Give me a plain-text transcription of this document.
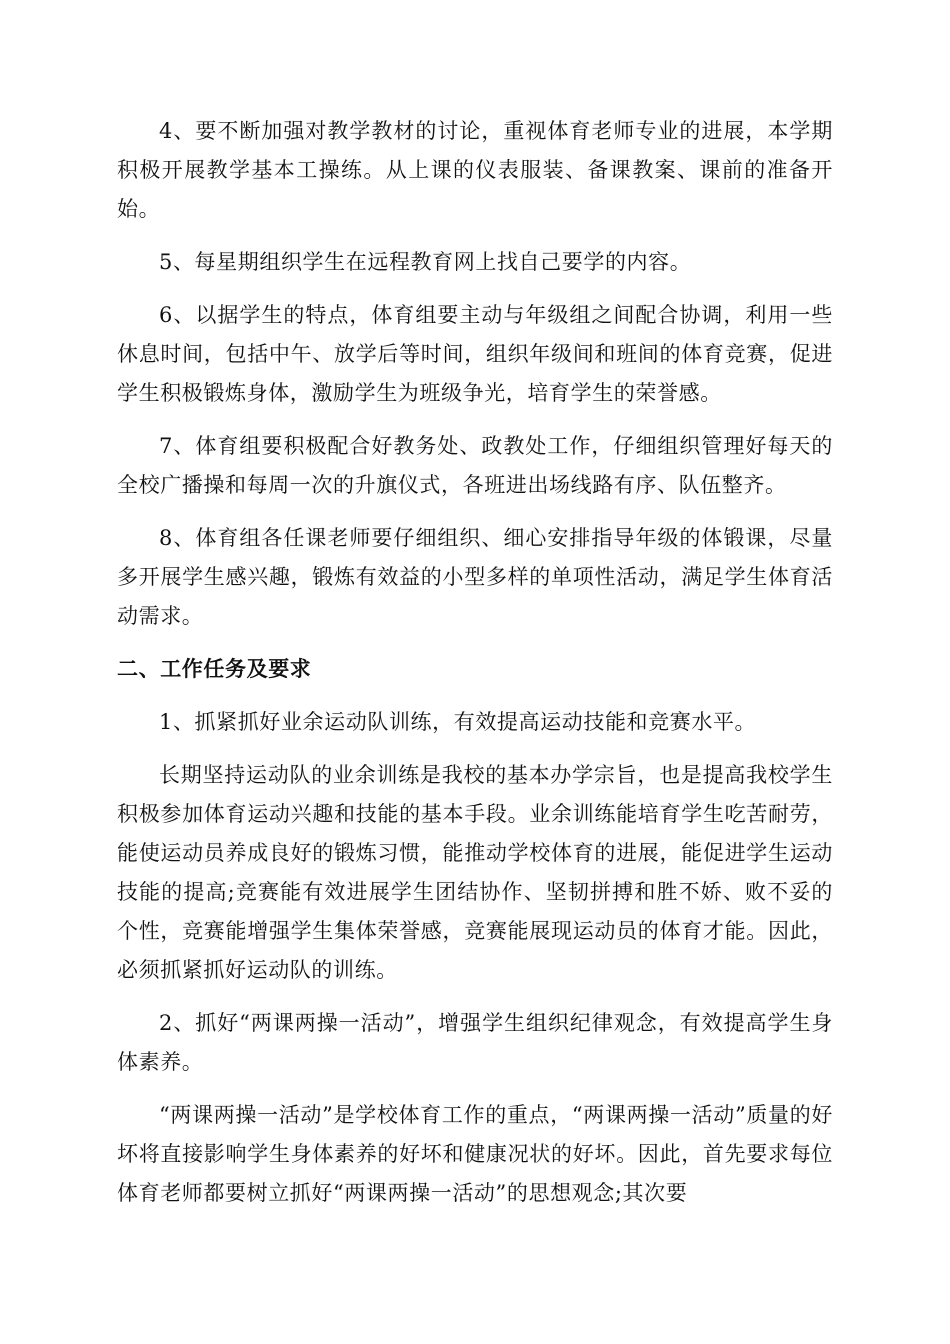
4、要不断加强对教学教材的讨论，重视体育老师专业的进展，本学期积极开展教学基本工操练。从上课的仪表服装、备课教案、课前的准备开始。

5、每星期组织学生在远程教育网上找自己要学的内容。

6、以据学生的特点，体育组要主动与年级组之间配合协调，利用一些休息时间，包括中午、放学后等时间，组织年级间和班间的体育竞赛，促进学生积极锻炼身体，激励学生为班级争光，培育学生的荣誉感。

7、体育组要积极配合好教务处、政教处工作，仔细组织管理好每天的全校广播操和每周一次的升旗仪式，各班进出场线路有序、队伍整齐。

8、体育组各任课老师要仔细组织、细心安排指导年级的体锻课，尽量多开展学生感兴趣，锻炼有效益的小型多样的单项性活动，满足学生体育活动需求。

二、工作任务及要求

1、抓紧抓好业余运动队训练，有效提高运动技能和竞赛水平。

长期坚持运动队的业余训练是我校的基本办学宗旨，也是提高我校学生积极参加体育运动兴趣和技能的基本手段。业余训练能培育学生吃苦耐劳，能使运动员养成良好的锻炼习惯，能推动学校体育的进展，能促进学生运动技能的提高;竞赛能有效进展学生团结协作、坚韧拼搏和胜不娇、败不妥的个性，竞赛能增强学生集体荣誉感，竞赛能展现运动员的体育才能。因此，必须抓紧抓好运动队的训练。

2、抓好“两课两操一活动”，增强学生组织纪律观念，有效提高学生身体素养。

“两课两操一活动”是学校体育工作的重点，“两课两操一活动”质量的好坏将直接影响学生身体素养的好坏和健康况状的好坏。因此，首先要求每位体育老师都要树立抓好“两课两操一活动”的思想观念;其次要
